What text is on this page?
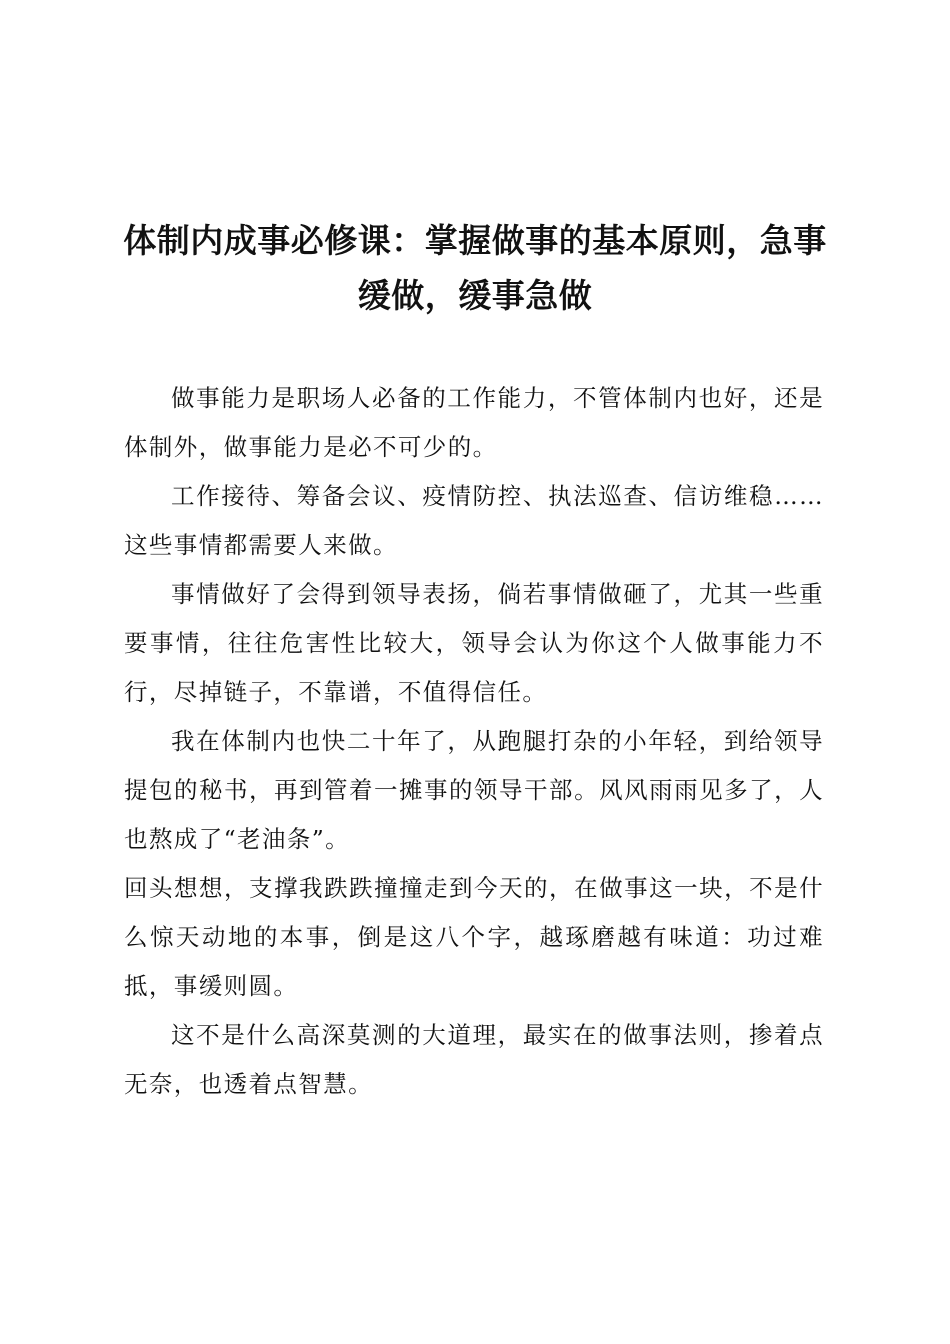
体制内成事必修课：掌握做事的基本原则，急事缓做，缓事急做

做事能力是职场人必备的工作能力，不管体制内也好，还是体制外，做事能力是必不可少的。

工作接待、筹备会议、疫情防控、执法巡查、信访维稳……这些事情都需要人来做。

事情做好了会得到领导表扬，倘若事情做砸了，尤其一些重要事情，往往危害性比较大，领导会认为你这个人做事能力不行，尽掉链子，不靠谱，不值得信任。

我在体制内也快二十年了，从跑腿打杂的小年轻，到给领导提包的秘书，再到管着一摊事的领导干部。风风雨雨见多了，人也熬成了“老油条”。

回头想想，支撑我跌跌撞撞走到今天的，在做事这一块，不是什么惊天动地的本事，倒是这八个字，越琢磨越有味道：功过难抵，事缓则圆。

这不是什么高深莫测的大道理，最实在的做事法则，掺着点无奈，也透着点智慧。
